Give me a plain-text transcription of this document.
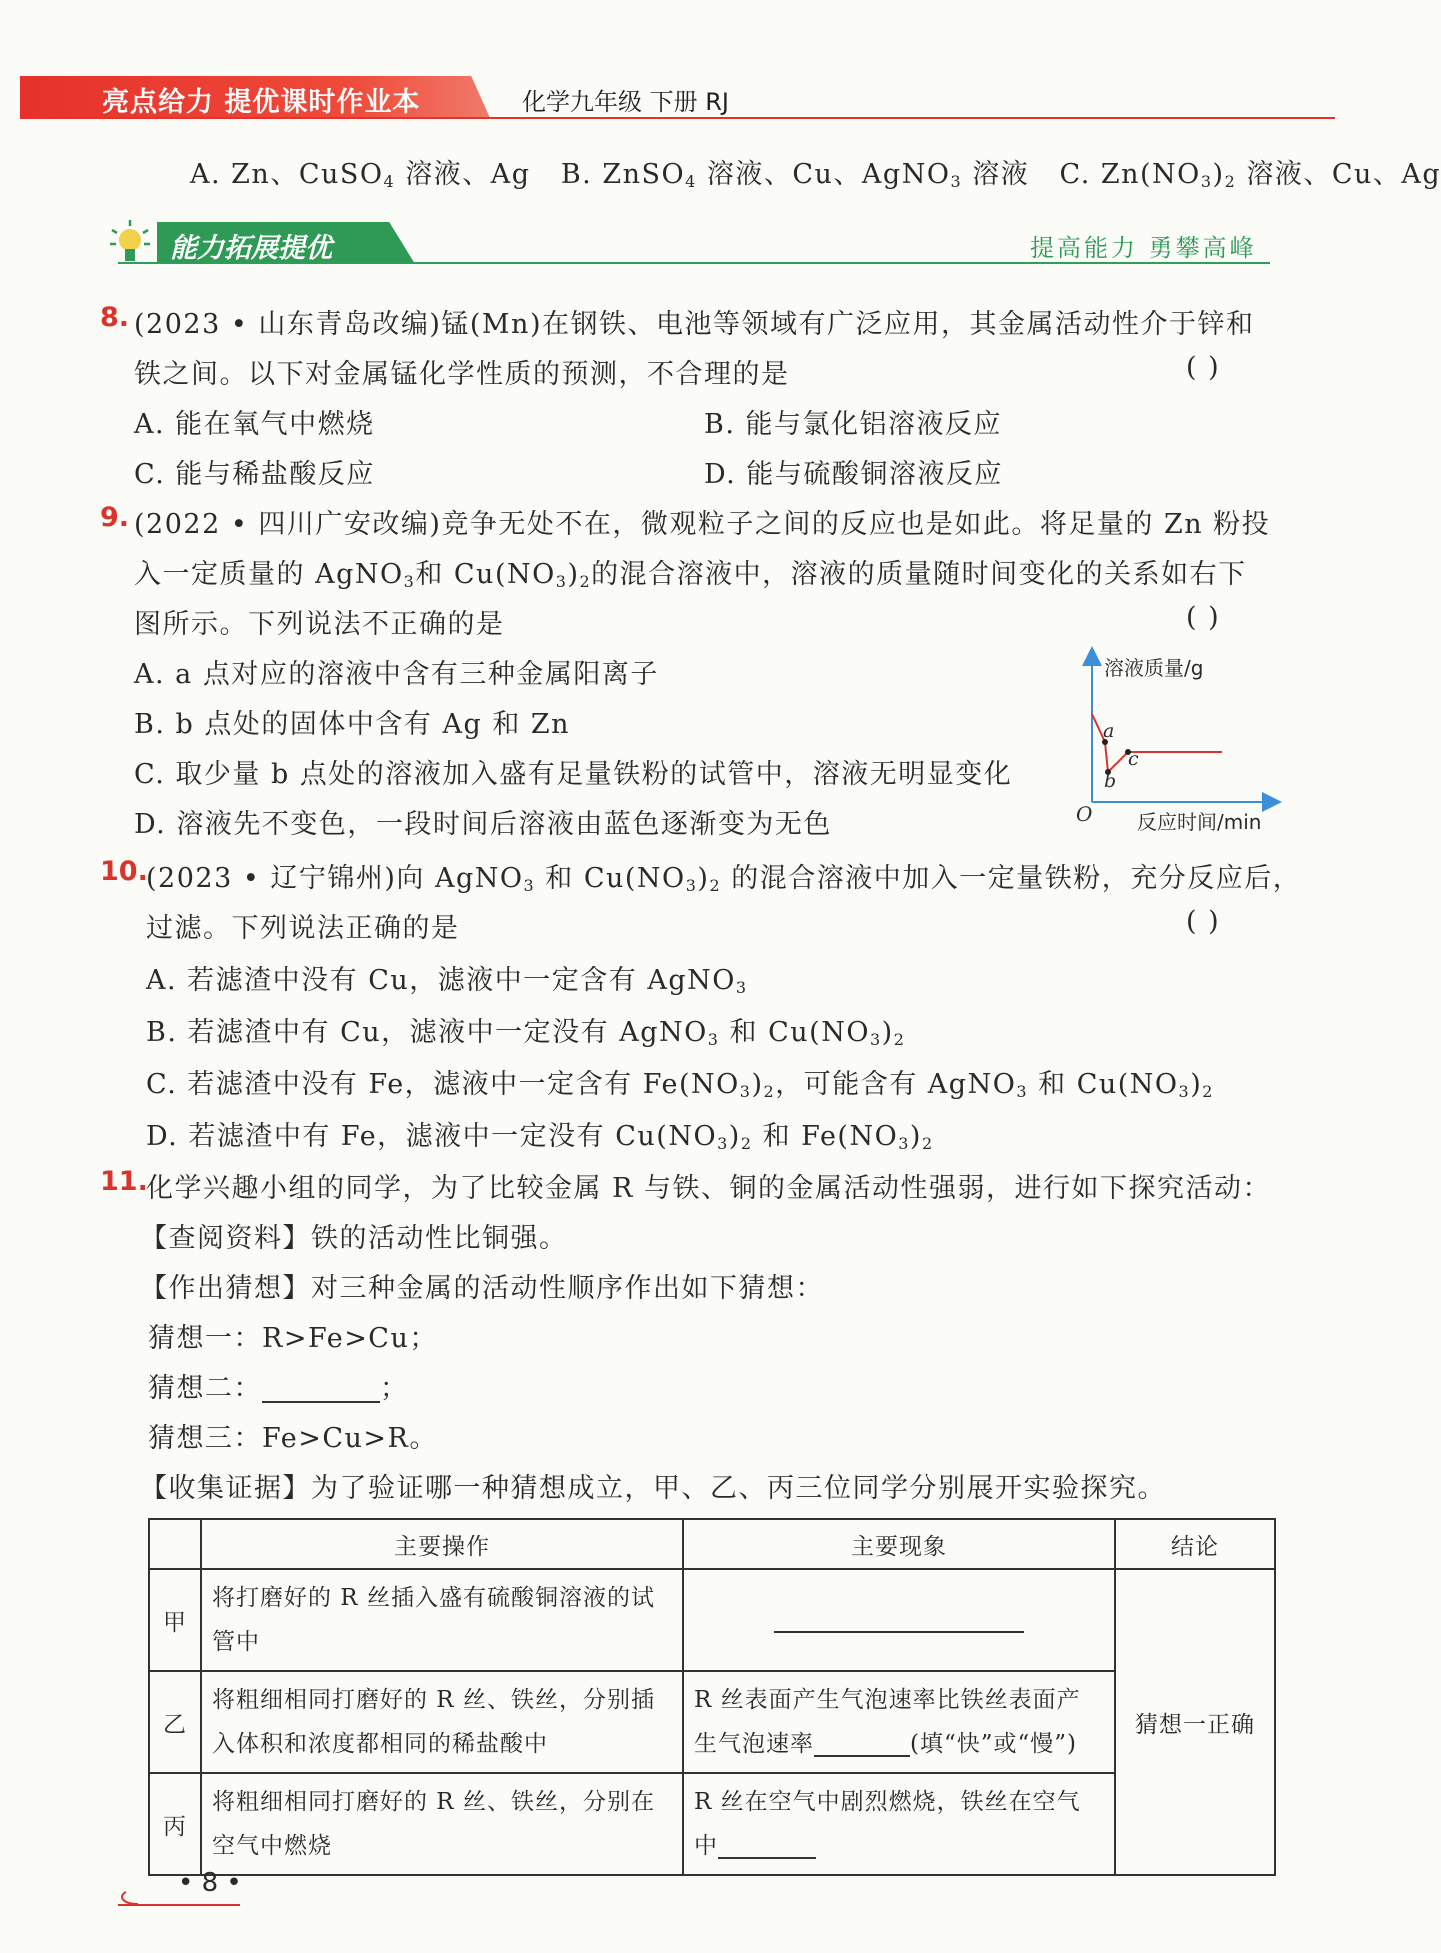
亮点给力 提优课时作业本	化学九年级 下册 RJ
A. Zn、CuSO$_4$ 溶液、Ag B. ZnSO$_4$ 溶液、Cu、AgNO$_3$ 溶液 C. $Zn(NO_3)_2$ 溶液、Cu、Ag
能力拓展提优	提高能力 勇攀高峰
8. (2023 • 山东青岛改编)锰(Mn)在钢铁、电池等领域有广泛应用，其金属活动性介于锌和
铁之间。以下对金属锰化学性质的预测，不合理的是	( )
A. 能在氧气中燃烧	B. 能与氯化铝溶液反应
C. 能与稀盐酸反应	D. 能与硫酸铜溶液反应
9. (2022 • 四川广安改编)竞争无处不在，微观粒子之间的反应也是如此。将足量的 Zn 粉投
入一定质量的 AgNO$_3$和 $Cu(NO_3)_2$的混合溶液中，溶液的质量随时间变化的关系如右下
图所示。下列说法不正确的是	( )
A. a 点对应的溶液中含有三种金属阳离子
B. b 点处的固体中含有 Ag 和 Zn
C. 取少量 b 点处的溶液加入盛有足量铁粉的试管中，溶液无明显变化
D. 溶液先不变色，一段时间后溶液由蓝色逐渐变为无色
溶液质量/g
反应时间/min
O
a
b
c
10.
(2023 • 辽宁锦州)向 AgNO$_3$ 和 $Cu(NO_3)_2$ 的混合溶液中加入一定量铁粉，充分反应后，
过滤。下列说法正确的是	( )
A. 若滤渣中没有 Cu，滤液中一定含有 AgNO$_3$
B. 若滤渣中有 Cu，滤液中一定没有 AgNO$_3$ 和 $Cu(NO_3)_2$
C. 若滤渣中没有 Fe，滤液中一定含有 $Fe(NO_3)_2$，可能含有 AgNO$_3$ 和 $Cu(NO_3)_2$
D. 若滤渣中有 Fe，滤液中一定没有 $Cu(NO_3)_2$ 和 $Fe(NO_3)_2$
11.
化学兴趣小组的同学，为了比较金属 R 与铁、铜的金属活动性强弱，进行如下探究活动：
【查阅资料】铁的活动性比铜强。
【作出猜想】对三种金属的活动性顺序作出如下猜想：
猜想一：R>Fe>Cu；
猜想二：	；
猜想三：Fe>Cu>R。
【收集证据】为了验证哪一种猜想成立，甲、乙、丙三位同学分别展开实验探究。
	主要操作	主要现象	结论
甲	将打磨好的 R 丝插入盛有硫酸铜溶液的试管中		猜想一正确
乙	将粗细相同打磨好的 R 丝、铁丝，分别插入体积和浓度都相同的稀盐酸中	R 丝表面产生气泡速率比铁丝表面产生气泡速率 (填“快”或“慢”)	
丙	将粗细相同打磨好的 R 丝、铁丝，分别在空气中燃烧	R 丝在空气中剧烈燃烧，铁丝在空气中	
• 8 •
